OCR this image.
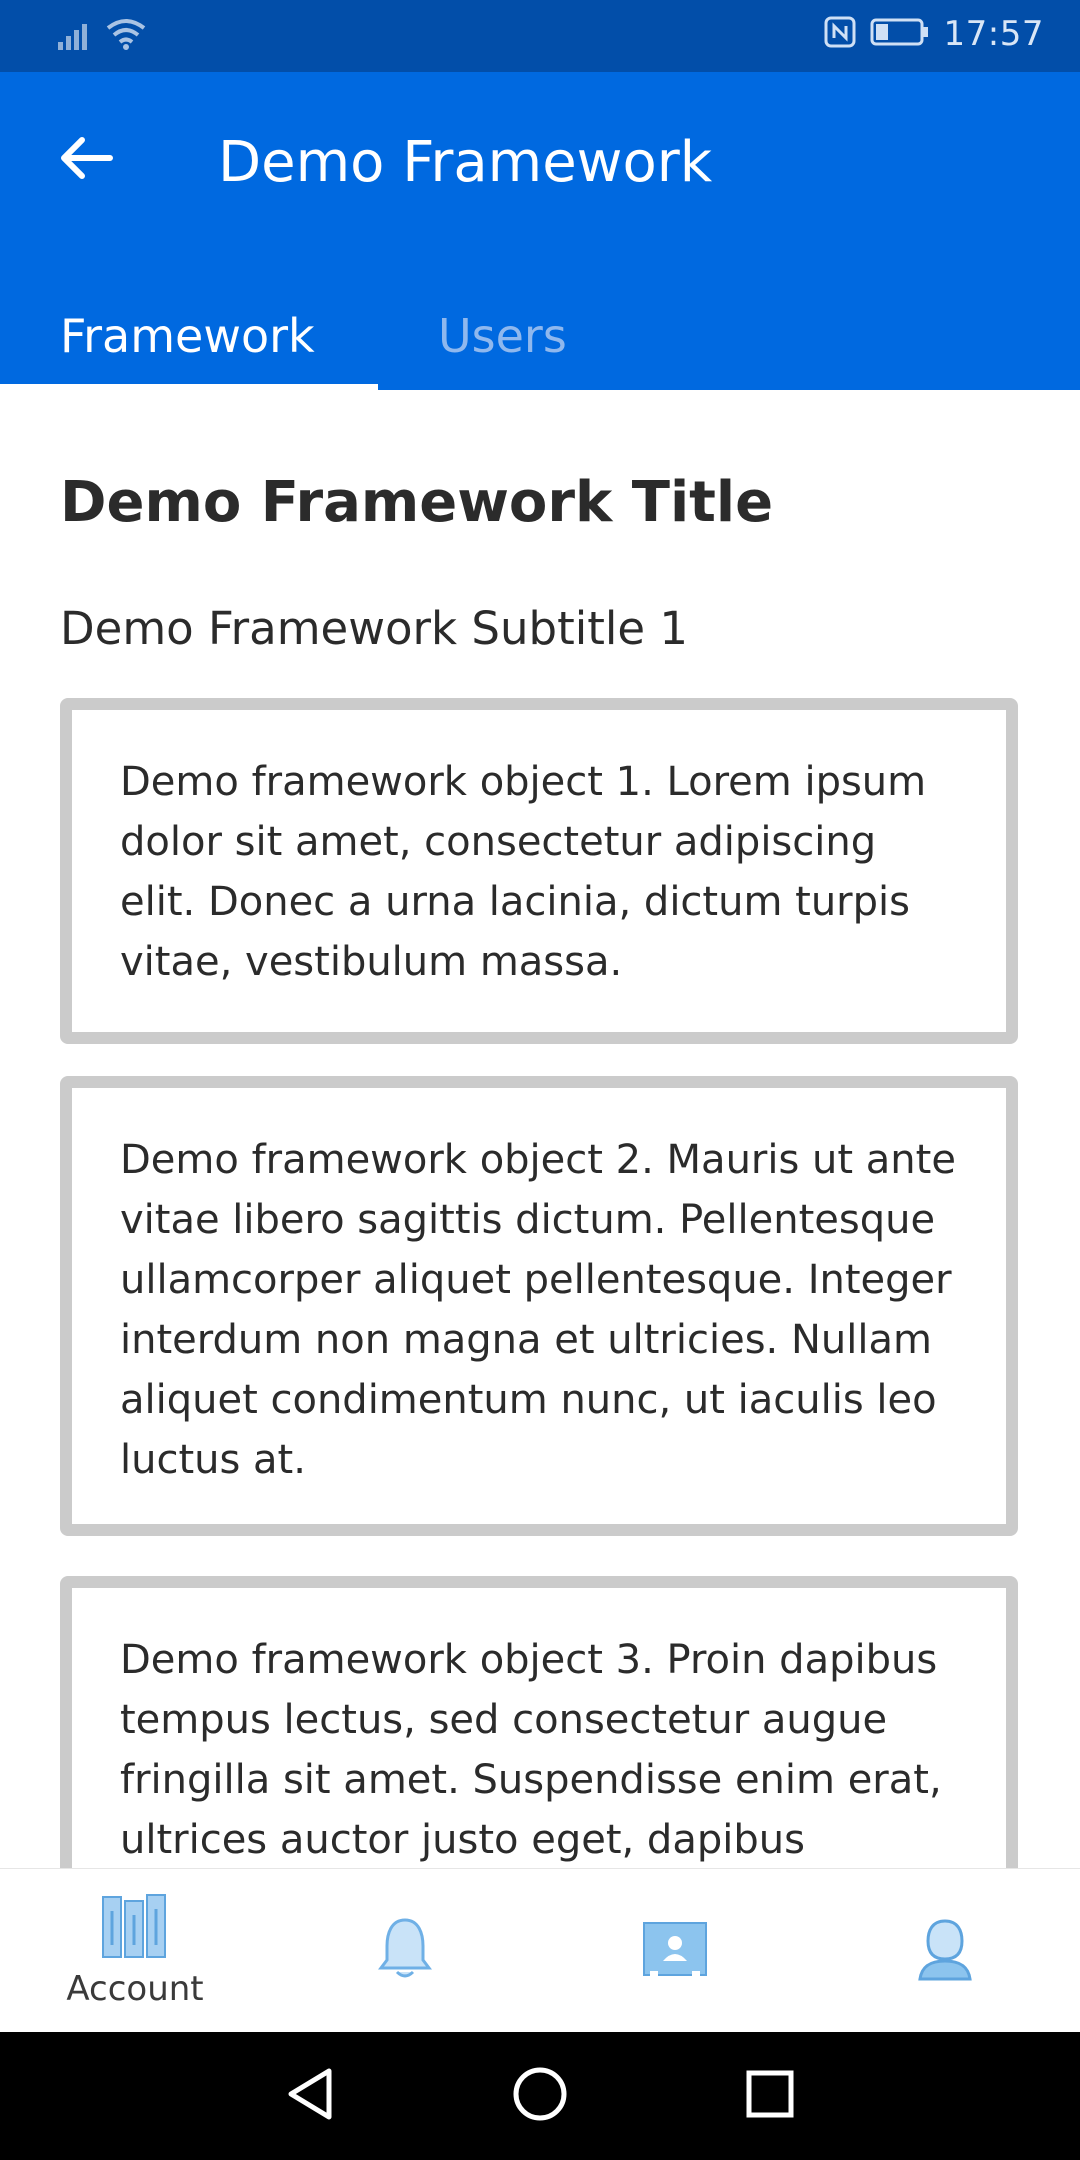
17:57
Demo Framework
Framework	Users
Demo Framework Title
Demo Framework Subtitle 1

Demo framework object 1. Lorem ipsum dolor sit amet, consectetur adipiscing elit. Donec a urna lacinia, dictum turpis vitae, vestibulum massa.

Demo framework object 2. Mauris ut ante vitae libero sagittis dictum. Pellentesque ullamcorper aliquet pellentesque. Integer interdum non magna et ultricies. Nullam aliquet condimentum nunc, ut iaculis leo luctus at.

Demo framework object 3. Proin dapibus tempus lectus, sed consectetur augue fringilla sit amet. Suspendisse enim erat, ultrices auctor justo eget, dapibus

Account
